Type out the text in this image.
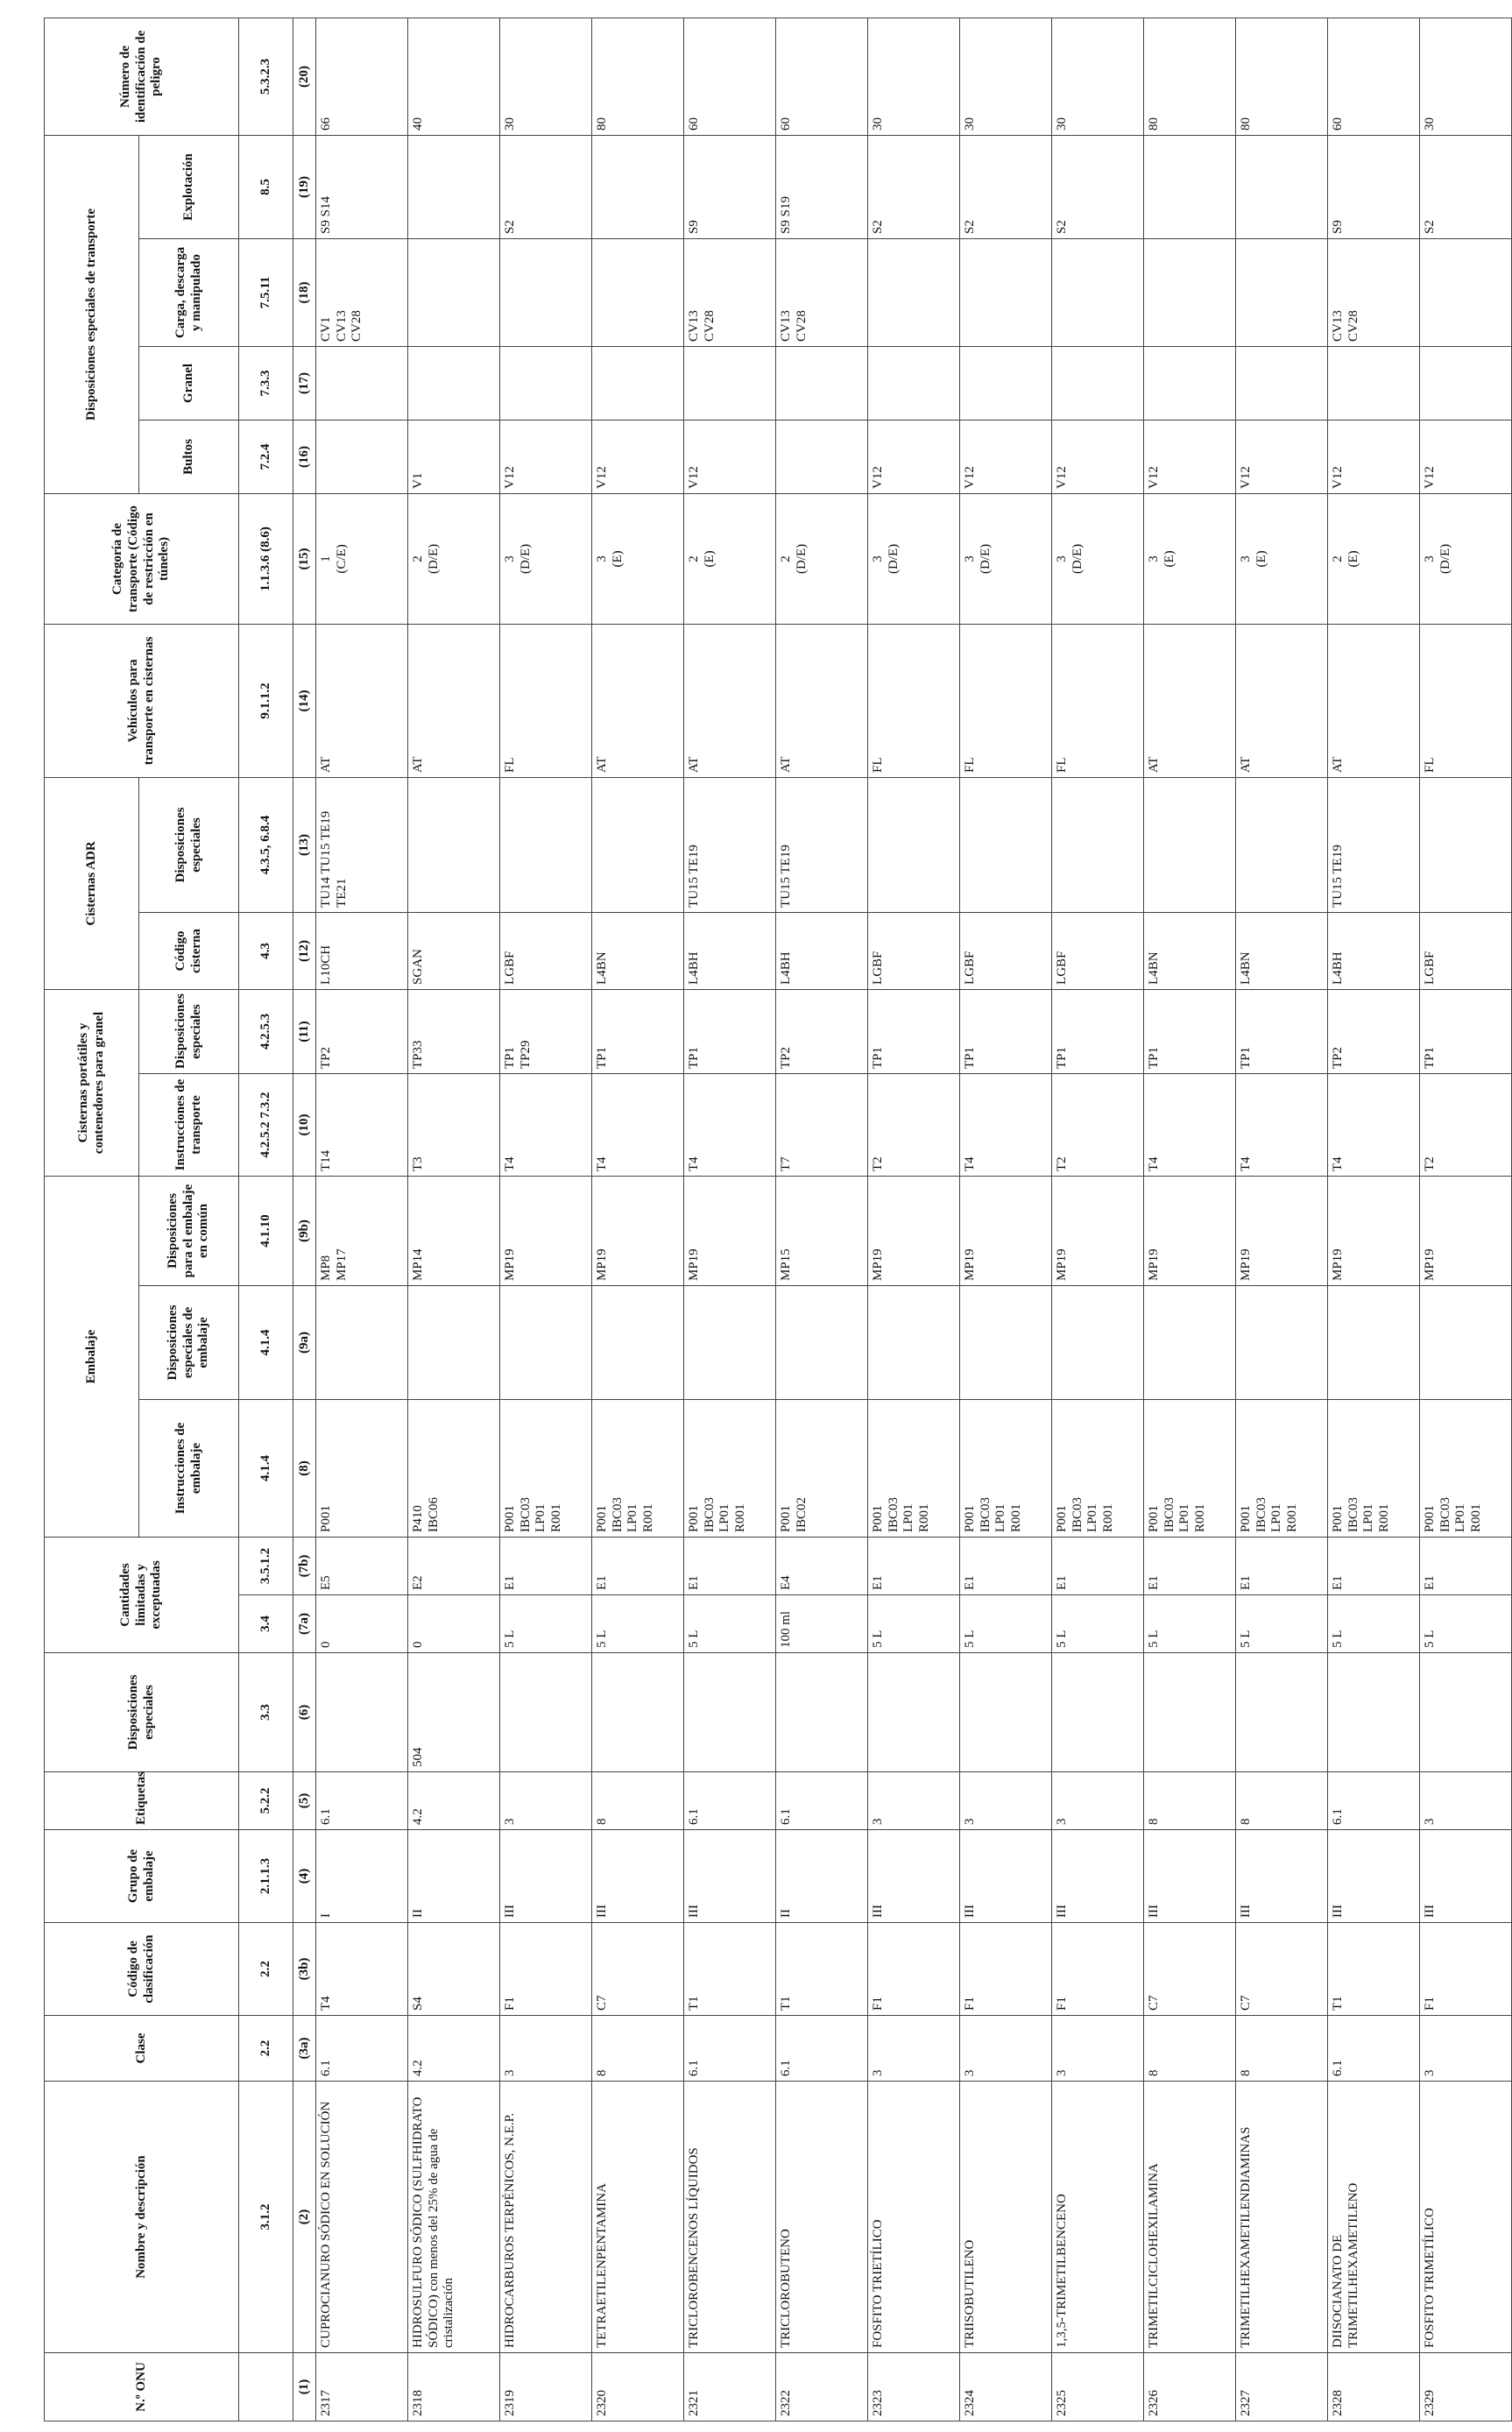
N.º ONU	Nombre y descripción	Clase	Código de clasificación	Grupo de embalaje	Etiquetas	Disposiciones especiales	Cantidades limitadas y exceptuadas		Embalaje			Cisternas portátiles y contenedores para granel		Cisternas ADR		Vehículos para transporte en cisternas	Categoría de transporte (Código de restricción en túneles)	Disposiciones especiales de transporte				Número de identificación de peligro
									Instrucciones de embalaje	Disposiciones especiales de embalaje	Disposiciones para el embalaje en común	Instrucciones de transporte	Disposiciones especiales	Código cisterna	Disposiciones especiales			Bultos	Granel	Carga, descarga y manipulado	Explotación	
	3.1.2	2.2	2.2	2.1.1.3	5.2.2	3.3	3.4	3.5.1.2	4.1.4	4.1.4	4.1.10	4.2.5.2 7.3.2	4.2.5.3	4.3	4.3.5, 6.8.4	9.1.1.2	1.1.3.6 (8.6)	7.2.4	7.3.3	7.5.11	8.5	5.3.2.3
(1)	(2)	(3a)	(3b)	(4)	(5)	(6)	(7a)	(7b)	(8)	(9a)	(9b)	(10)	(11)	(12)	(13)	(14)	(15)	(16)	(17)	(18)	(19)	(20)
2317	CUPROCIANURO SÓDICO EN SOLUCIÓN	6.1	T4	I	6.1		0	E5	P001		MP8 MP17	T14	TP2	L10CH	TU14 TU15 TE19 TE21	AT	1 (C/E)			CV1 CV13 CV28	S9 S14	66
2318	HIDROSULFURO SÓDICO (SULFHIDRATO SÓDICO) con menos del 25% de agua de cristalización	4.2	S4	II	4.2	504	0	E2	P410 IBC06		MP14	T3	TP33	SGAN		AT	2 (D/E)	V1				40
2319	HIDROCARBUROS TERPÉNICOS, N.E.P.	3	F1	III	3		5 L	E1	P001 IBC03 LP01 R001		MP19	T4	TP1 TP29	LGBF		FL	3 (D/E)	V12			S2	30
2320	TETRAETILENPENTAMINA	8	C7	III	8		5 L	E1	P001 IBC03 LP01 R001		MP19	T4	TP1	L4BN		AT	3 (E)	V12				80
2321	TRICLOROBENCENOS LÍQUIDOS	6.1	T1	III	6.1		5 L	E1	P001 IBC03 LP01 R001		MP19	T4	TP1	L4BH	TU15 TE19	AT	2 (E)	V12		CV13 CV28	S9	60
2322	TRICLOROBUTENO	6.1	T1	II	6.1		100 ml	E4	P001 IBC02		MP15	T7	TP2	L4BH	TU15 TE19	AT	2 (D/E)			CV13 CV28	S9 S19	60
2323	FOSFITO TRIETÍLICO	3	F1	III	3		5 L	E1	P001 IBC03 LP01 R001		MP19	T2	TP1	LGBF		FL	3 (D/E)	V12			S2	30
2324	TRIISOBUTILENO	3	F1	III	3		5 L	E1	P001 IBC03 LP01 R001		MP19	T4	TP1	LGBF		FL	3 (D/E)	V12			S2	30
2325	1,3,5-TRIMETILBENCENO	3	F1	III	3		5 L	E1	P001 IBC03 LP01 R001		MP19	T2	TP1	LGBF		FL	3 (D/E)	V12			S2	30
2326	TRIMETILCICLOHEXILAMINA	8	C7	III	8		5 L	E1	P001 IBC03 LP01 R001		MP19	T4	TP1	L4BN		AT	3 (E)	V12				80
2327	TRIMETILHEXAMETILENDIAMINAS	8	C7	III	8		5 L	E1	P001 IBC03 LP01 R001		MP19	T4	TP1	L4BN		AT	3 (E)	V12				80
2328	DIISOCIANATO DE TRIMETILHEXAMETILENO	6.1	T1	III	6.1		5 L	E1	P001 IBC03 LP01 R001		MP19	T4	TP2	L4BH	TU15 TE19	AT	2 (E)	V12		CV13 CV28	S9	60
2329	FOSFITO TRIMETÍLICO	3	F1	III	3		5 L	E1	P001 IBC03 LP01 R001		MP19	T2	TP1	LGBF		FL	3 (D/E)	V12			S2	30
